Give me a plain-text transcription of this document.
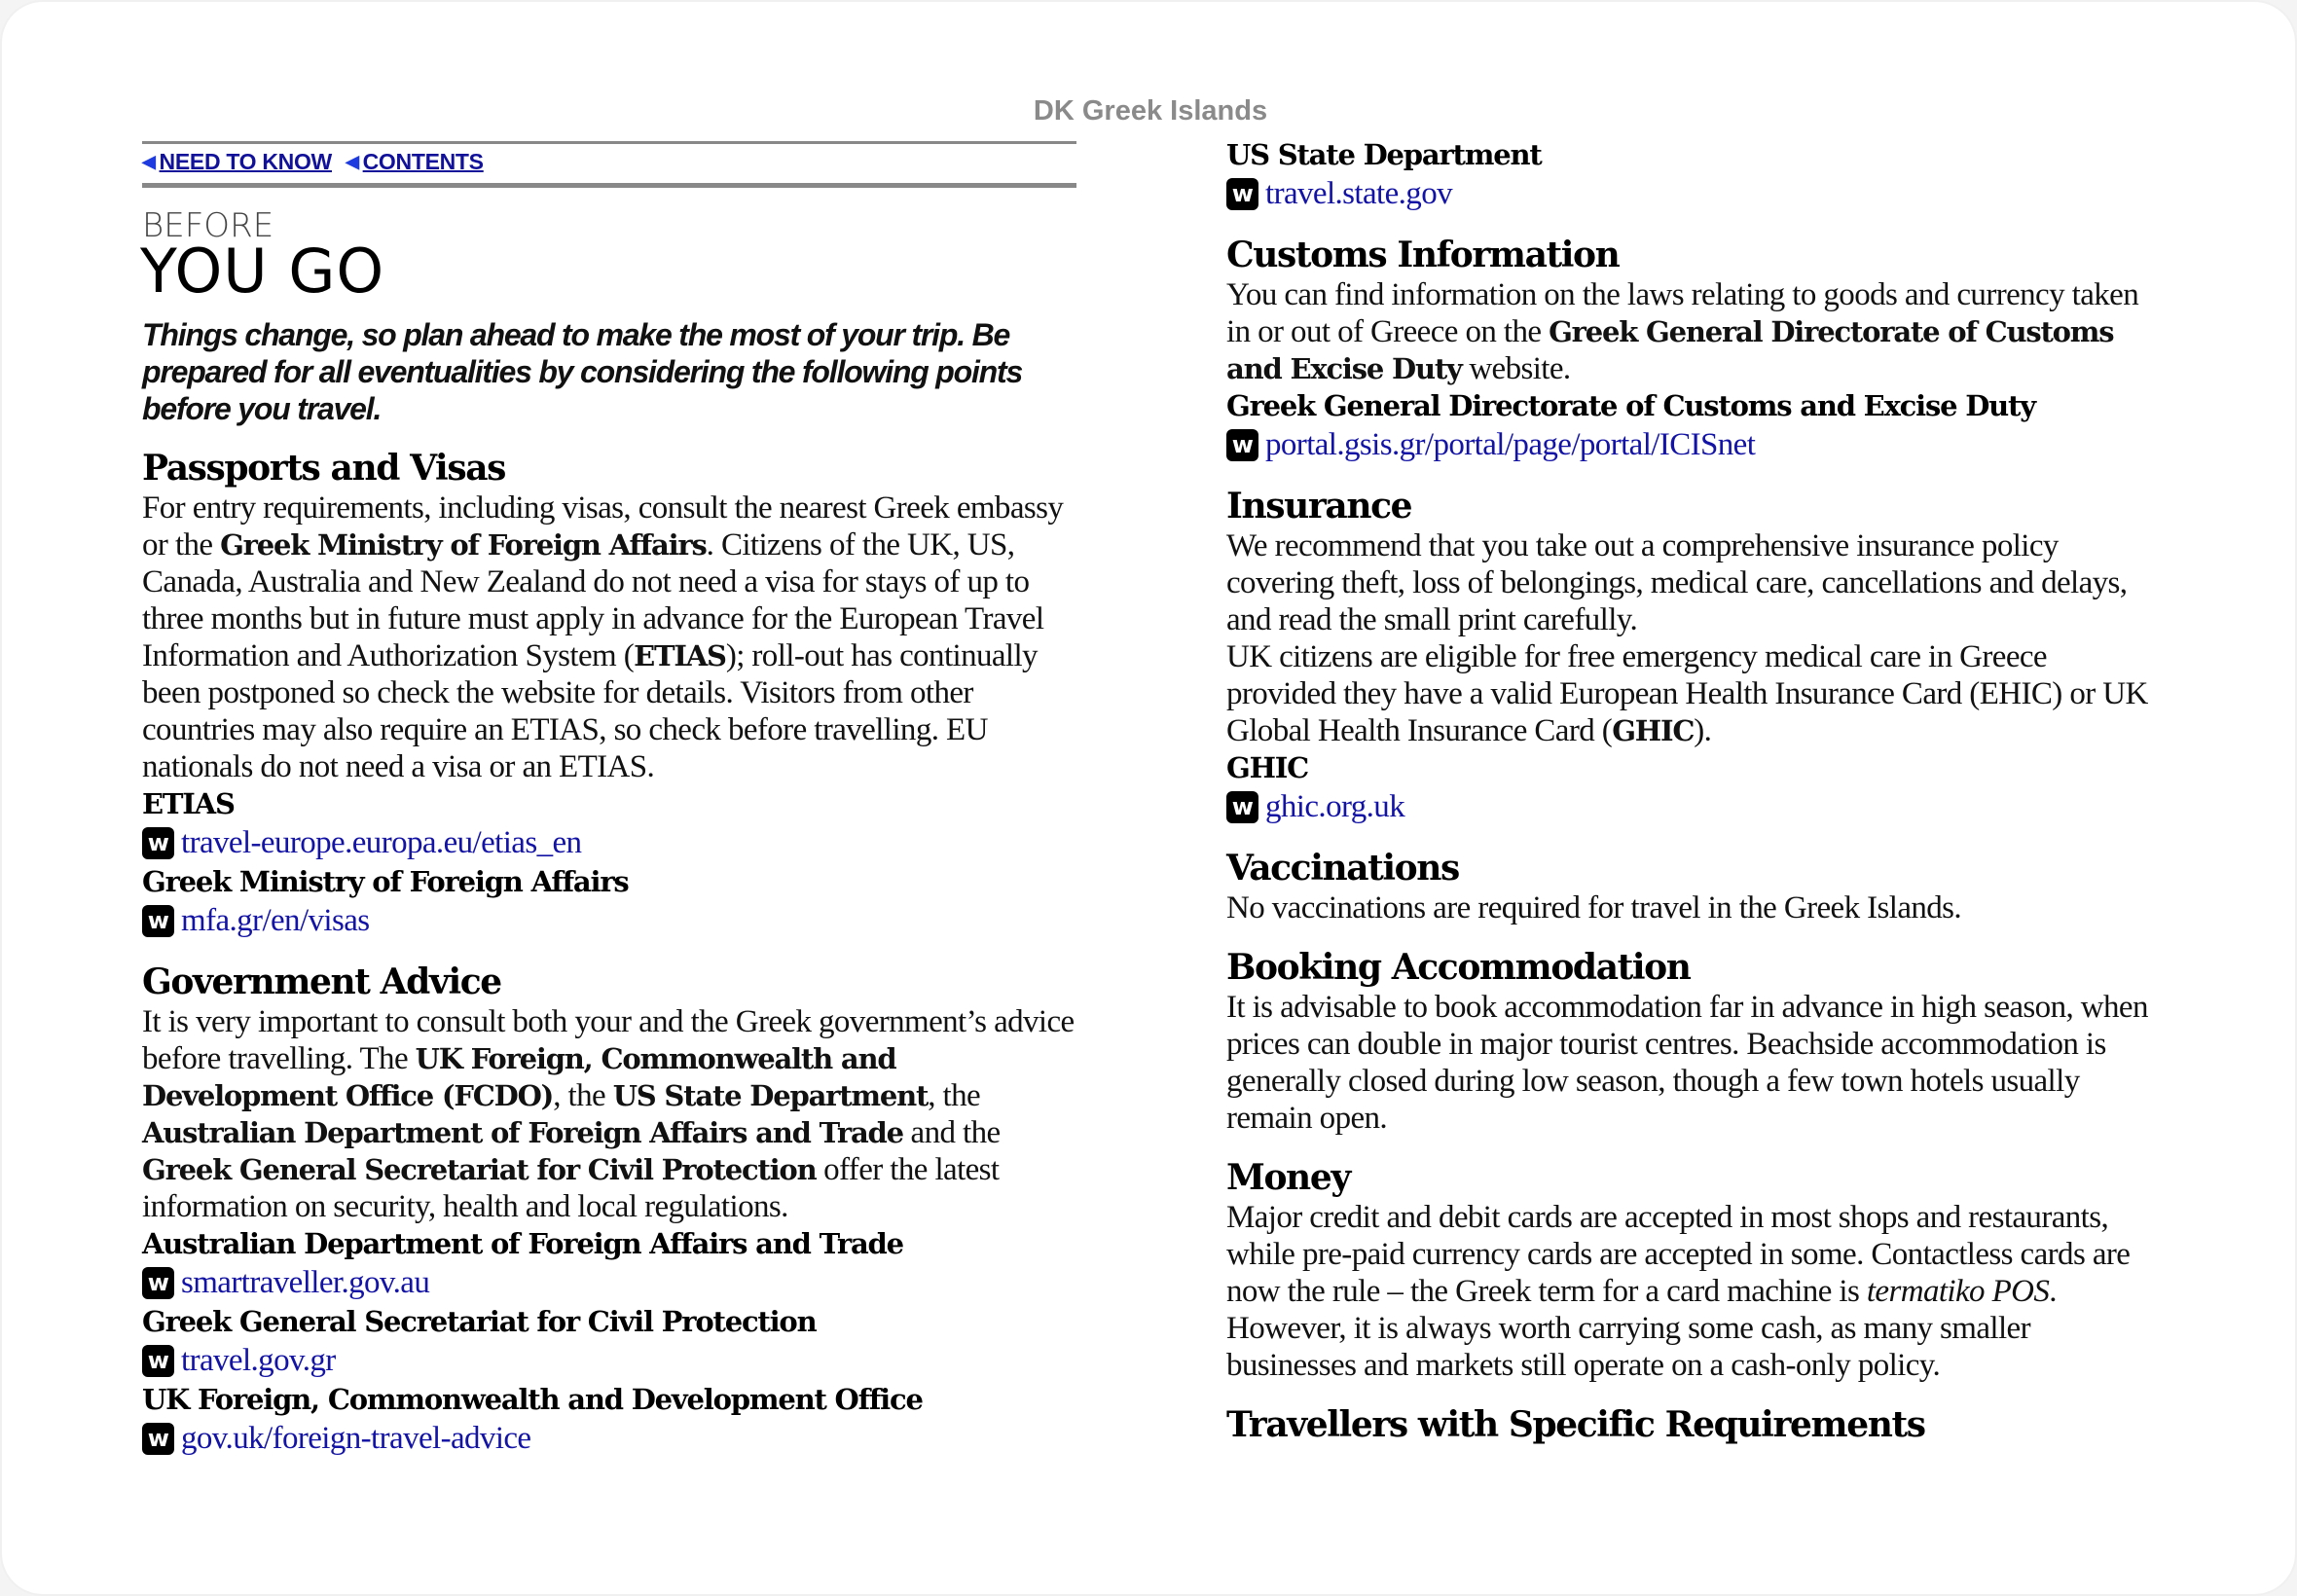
DK Greek Islands
◀ NEED TO KNOW ◀ CONTENTS
BEFORE
YOU GO

Things change, so plan ahead to make the most of your trip. Be prepared for all eventualities by considering the following points before you travel.

Passports and Visas

For entry requirements, including visas, consult the nearest Greek embassy or the Greek Ministry of Foreign Affairs. Citizens of the UK, US, Canada, Australia and New Zealand do not need a visa for stays of up to three months but in future must apply in advance for the European Travel Information and Authorization System (ETIAS); roll-out has continually been postponed so check the website for details. Visitors from other countries may also require an ETIAS, so check before travelling. EU nationals do not need a visa or an ETIAS.

ETIAS
w travel-europe.europa.eu/etias_en
Greek Ministry of Foreign Affairs
w mfa.gr/en/visas
Government Advice

It is very important to consult both your and the Greek government’s advice before travelling. The UK Foreign, Commonwealth and Development Office (FCDO), the US State Department, the Australian Department of Foreign Affairs and Trade and the Greek General Secretariat for Civil Protection offer the latest information on security, health and local regulations.

Australian Department of Foreign Affairs and Trade
w smartraveller.gov.au
Greek General Secretariat for Civil Protection
w travel.gov.gr
UK Foreign, Commonwealth and Development Office
w gov.uk/foreign-travel-advice
US State Department
w travel.state.gov
Customs Information

You can find information on the laws relating to goods and currency taken in or out of Greece on the Greek General Directorate of Customs and Excise Duty website.

Greek General Directorate of Customs and Excise Duty
w portal.gsis.gr/portal/page/portal/ICISnet
Insurance

We recommend that you take out a comprehensive insurance policy covering theft, loss of belongings, medical care, cancellations and delays, and read the small print carefully.

UK citizens are eligible for free emergency medical care in Greece provided they have a valid European Health Insurance Card (EHIC) or UK Global Health Insurance Card (GHIC).

GHIC
w ghic.org.uk
Vaccinations

No vaccinations are required for travel in the Greek Islands.

Booking Accommodation

It is advisable to book accommodation far in advance in high season, when prices can double in major tourist centres. Beachside accommodation is generally closed during low season, though a few town hotels usually remain open.

Money

Major credit and debit cards are accepted in most shops and restaurants, while pre-paid currency cards are accepted in some. Contactless cards are now the rule – the Greek term for a card machine is termatiko POS. However, it is always worth carrying some cash, as many smaller businesses and markets still operate on a cash-only policy.

Travellers with Specific Requirements
